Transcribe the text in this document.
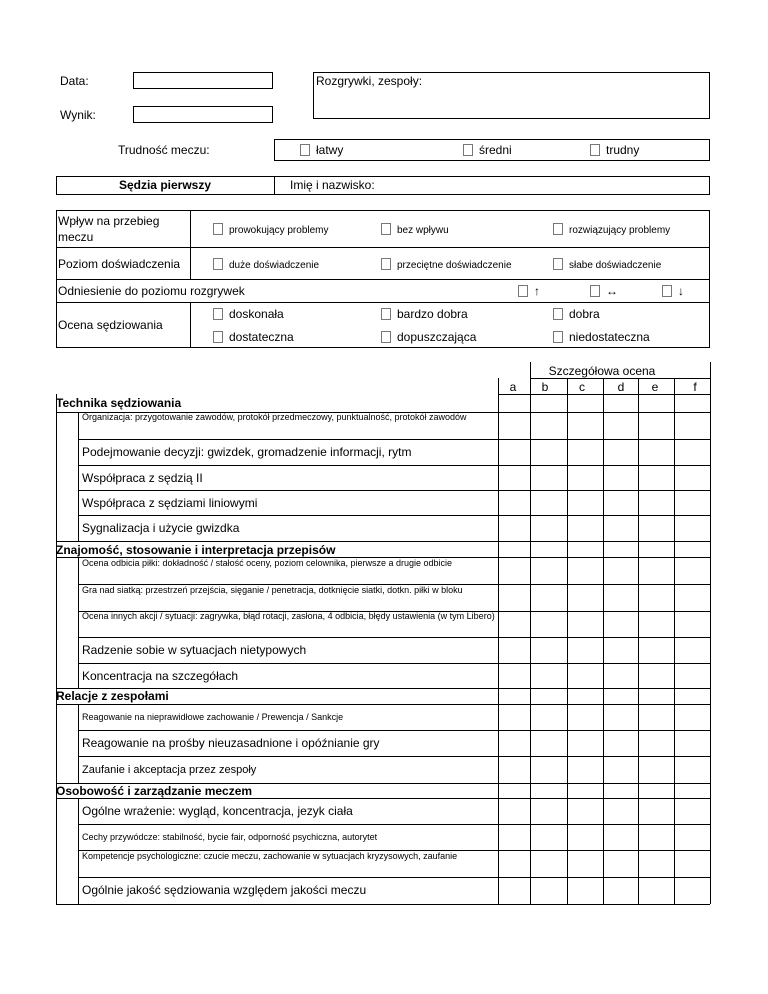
Data:	Rozgrywki, zespoły:
Wynik:
Trudność meczu:	łatwy	średni	trudny
Sędzia pierwszy	Imię i nazwisko:
Wpływ na przebieg meczu	prowokujący problemy	bez wpływu	rozwiązujący problemy
Poziom doświadczenia	duże doświadczenie	przeciętne doświadczenie	słabe doświadczenie
Odniesienie do poziomu rozgrywek	↑	↔	↓
Ocena sędziowania
doskonała	bardzo dobra	dobra
dostateczna	dopuszczająca	niedostateczna
Szczegółowa ocena
a	b	c	d	e	f
Technika sędziowania
Organizacja: przygotowanie zawodów, protokół przedmeczowy, punktualność, protokół zawodów
Podejmowanie decyzji: gwizdek, gromadzenie informacji, rytm
Współpraca z sędzią II
Współpraca z sędziami liniowymi
Sygnalizacja i użycie gwizdka
Znajomość, stosowanie i interpretacja przepisów
Ocena odbicia piłki: dokładność / stałość oceny, poziom celownika, pierwsze a drugie odbicie
Gra nad siatką: przestrzeń przejścia, sięganie / penetracja, dotknięcie siatki, dotkn. piłki w bloku
Ocena innych akcji / sytuacji: zagrywka, błąd rotacji, zasłona, 4 odbicia, błędy ustawienia (w tym Libero)
Radzenie sobie w sytuacjach nietypowych
Koncentracja na szczegółach
Relacje z zespołami
Reagowanie na nieprawidłowe zachowanie / Prewencja / Sankcje
Reagowanie na prośby nieuzasadnione i opóźnianie gry
Zaufanie i akceptacja przez zespoły
Osobowość i zarządzanie meczem
Ogólne wrażenie: wygląd, koncentracja, jezyk ciała
Cechy przywódcze: stabilność, bycie fair, odporność psychiczna, autorytet
Kompetencje psychologiczne: czucie meczu, zachowanie w sytuacjach kryzysowych, zaufanie
Ogólnie jakość sędziowania względem jakości meczu
